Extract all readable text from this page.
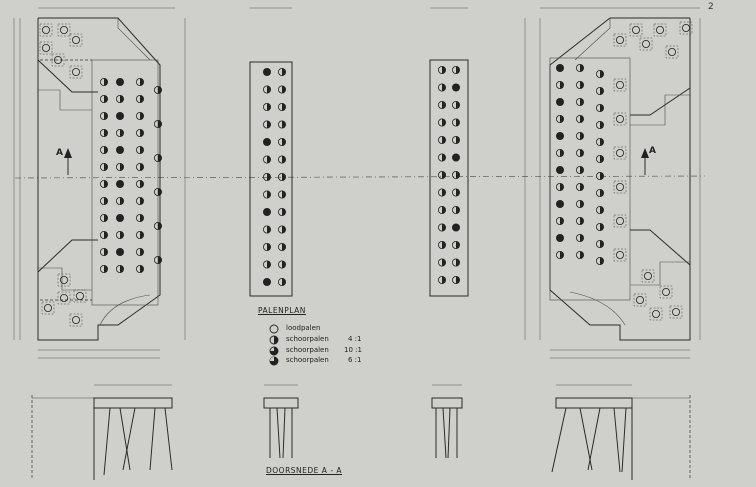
2
A	A
PALENPLAN
loodpalen
schoorpalen	4 :1
schoorpalen 10 :1
schoorpalen	6 :1
DOORSNEDE A - A
